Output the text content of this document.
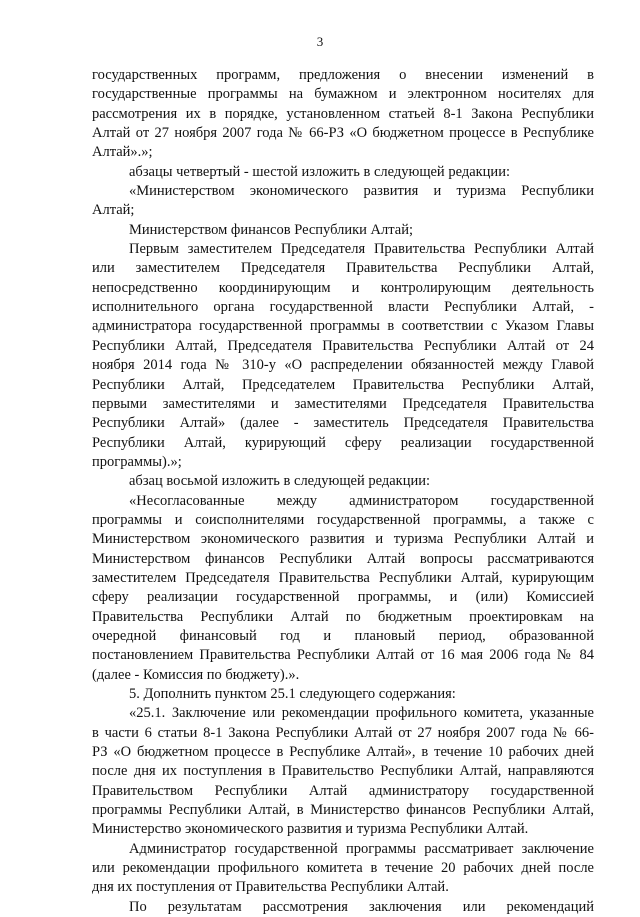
3
государственных программ, предложения о внесении изменений в
государственные программы на бумажном и электронном носителях для
рассмотрения их в порядке, установленном статьей 8-1 Закона Республики
Алтай от 27 ноября 2007 года № 66-РЗ «О бюджетном процессе в Республике
Алтай».»;
абзацы четвертый - шестой изложить в следующей редакции:
«Министерством экономического развития и туризма Республики
Алтай;
Министерством финансов Республики Алтай;
Первым заместителем Председателя Правительства Республики Алтай
или заместителем Председателя Правительства Республики Алтай,
непосредственно координирующим и контролирующим деятельность
исполнительного органа государственной власти Республики Алтай, -
администратора государственной программы в соответствии с Указом Главы
Республики Алтай, Председателя Правительства Республики Алтай от 24
ноября 2014 года № 310-у «О распределении обязанностей между Главой
Республики Алтай, Председателем Правительства Республики Алтай,
первыми заместителями и заместителями Председателя Правительства
Республики Алтай» (далее - заместитель Председателя Правительства
Республики Алтай, курирующий сферу реализации государственной
программы).»;
абзац восьмой изложить в следующей редакции:
«Несогласованные между администратором государственной
программы и соисполнителями государственной программы, а также с
Министерством экономического развития и туризма Республики Алтай и
Министерством финансов Республики Алтай вопросы рассматриваются
заместителем Председателя Правительства Республики Алтай, курирующим
сферу реализации государственной программы, и (или) Комиссией
Правительства Республики Алтай по бюджетным проектировкам на
очередной финансовый год и плановый период, образованной
постановлением Правительства Республики Алтай от 16 мая 2006 года № 84
(далее - Комиссия по бюджету).».
5. Дополнить пунктом 25.1 следующего содержания:
«25.1. Заключение или рекомендации профильного комитета, указанные
в части 6 статьи 8-1 Закона Республики Алтай от 27 ноября 2007 года № 66-
РЗ «О бюджетном процессе в Республике Алтай», в течение 10 рабочих дней
после дня их поступления в Правительство Республики Алтай, направляются
Правительством Республики Алтай администратору государственной
программы Республики Алтай, в Министерство финансов Республики Алтай,
Министерство экономического развития и туризма Республики Алтай.
Администратор государственной программы рассматривает заключение
или рекомендации профильного комитета в течение 20 рабочих дней после
дня их поступления от Правительства Республики Алтай.
По результатам рассмотрения заключения или рекомендаций
